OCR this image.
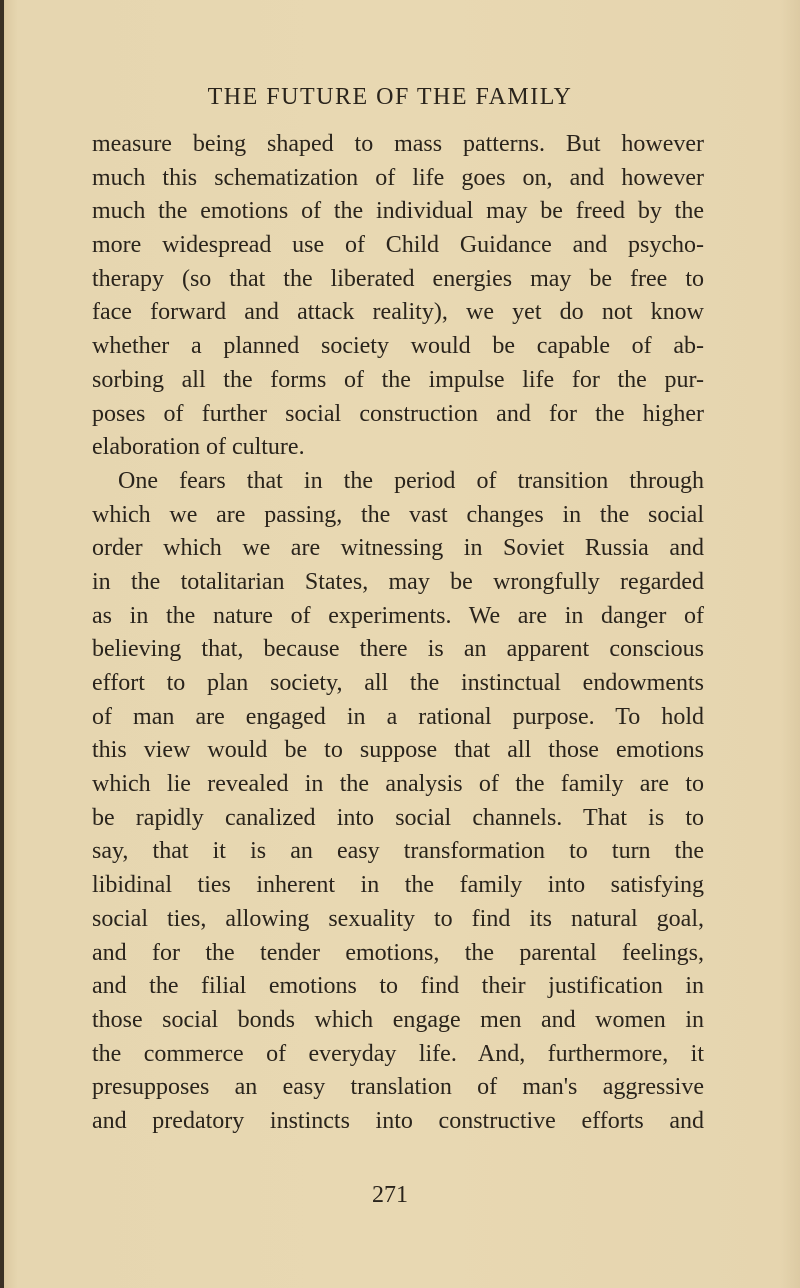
THE FUTURE OF THE FAMILY
measure being shaped to mass patterns. But however
much this schematization of life goes on, and however
much the emotions of the individual may be freed by the
more widespread use of Child Guidance and psycho-
therapy (so that the liberated energies may be free to
face forward and attack reality), we yet do not know
whether a planned society would be capable of ab-
sorbing all the forms of the impulse life for the pur-
poses of further social construction and for the higher
elaboration of culture.
One fears that in the period of transition through
which we are passing, the vast changes in the social
order which we are witnessing in Soviet Russia and
in the totalitarian States, may be wrongfully regarded
as in the nature of experiments. We are in danger of
believing that, because there is an apparent conscious
effort to plan society, all the instinctual endowments
of man are engaged in a rational purpose. To hold
this view would be to suppose that all those emotions
which lie revealed in the analysis of the family are to
be rapidly canalized into social channels. That is to
say, that it is an easy transformation to turn the
libidinal ties inherent in the family into satisfying
social ties, allowing sexuality to find its natural goal,
and for the tender emotions, the parental feelings,
and the filial emotions to find their justification in
those social bonds which engage men and women in
the commerce of everyday life. And, furthermore, it
presupposes an easy translation of man's aggressive
and predatory instincts into constructive efforts and
271
